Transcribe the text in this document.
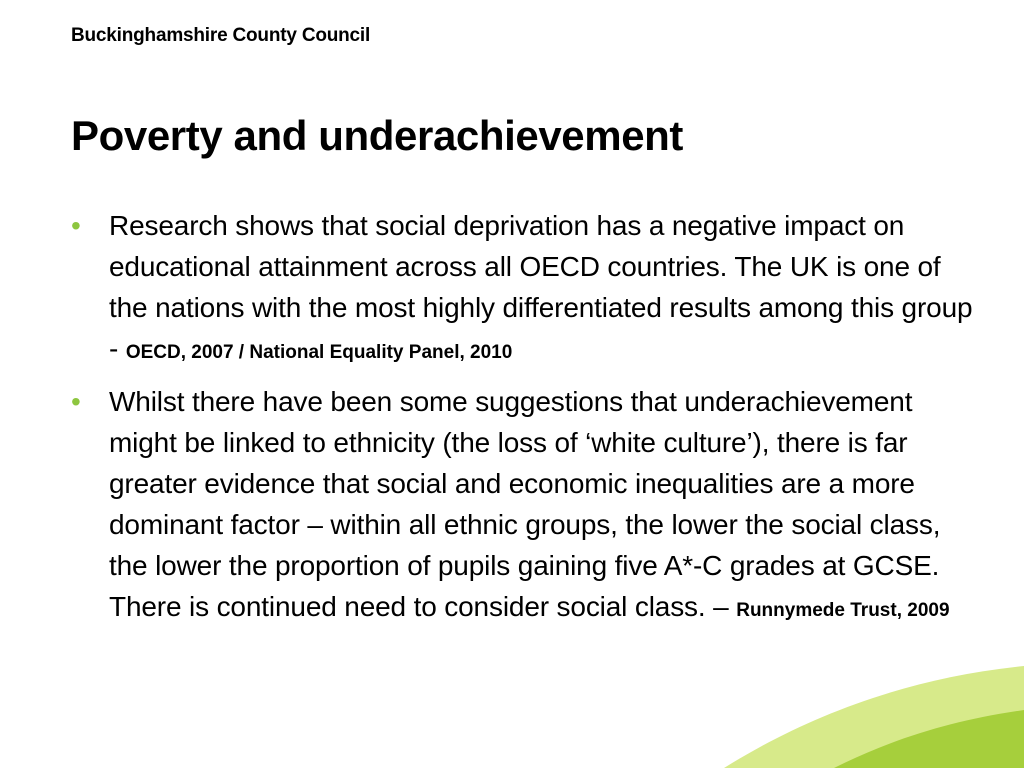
Buckinghamshire County Council
Poverty and underachievement
• Research shows that social deprivation has a negative impact on educational attainment across all OECD countries. The UK is one of the nations with the most highly differentiated results among this group - OECD, 2007 / National Equality Panel, 2010
• Whilst there have been some suggestions that underachievement might be linked to ethnicity (the loss of ‘white culture’), there is far greater evidence that social and economic inequalities are a more dominant factor – within all ethnic groups, the lower the social class, the lower the proportion of pupils gaining five A*-C grades at GCSE. There is continued need to consider social class. – Runnymede Trust, 2009
